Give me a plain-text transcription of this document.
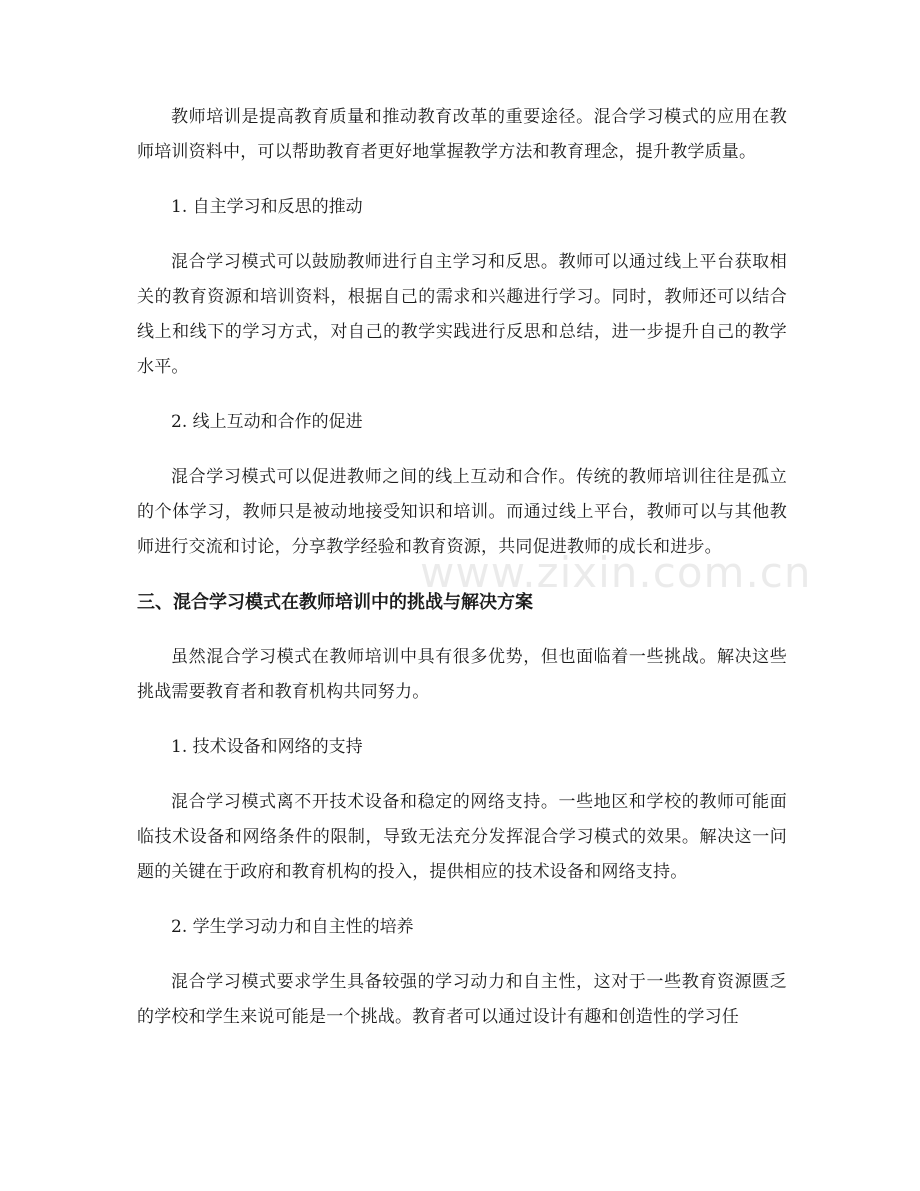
教师培训是提高教育质量和推动教育改革的重要途径。混合学习模式的应用在教师培训资料中，可以帮助教育者更好地掌握教学方法和教育理念，提升教学质量。

1. 自主学习和反思的推动

混合学习模式可以鼓励教师进行自主学习和反思。教师可以通过线上平台获取相关的教育资源和培训资料，根据自己的需求和兴趣进行学习。同时，教师还可以结合线上和线下的学习方式，对自己的教学实践进行反思和总结，进一步提升自己的教学水平。

2. 线上互动和合作的促进

混合学习模式可以促进教师之间的线上互动和合作。传统的教师培训往往是孤立的个体学习，教师只是被动地接受知识和培训。而通过线上平台，教师可以与其他教师进行交流和讨论，分享教学经验和教育资源，共同促进教师的成长和进步。

三、混合学习模式在教师培训中的挑战与解决方案

虽然混合学习模式在教师培训中具有很多优势，但也面临着一些挑战。解决这些挑战需要教育者和教育机构共同努力。

1. 技术设备和网络的支持

混合学习模式离不开技术设备和稳定的网络支持。一些地区和学校的教师可能面临技术设备和网络条件的限制，导致无法充分发挥混合学习模式的效果。解决这一问题的关键在于政府和教育机构的投入，提供相应的技术设备和网络支持。

2. 学生学习动力和自主性的培养

混合学习模式要求学生具备较强的学习动力和自主性，这对于一些教育资源匮乏的学校和学生来说可能是一个挑战。教育者可以通过设计有趣和创造性的学习任

www.zixin.com.cn
